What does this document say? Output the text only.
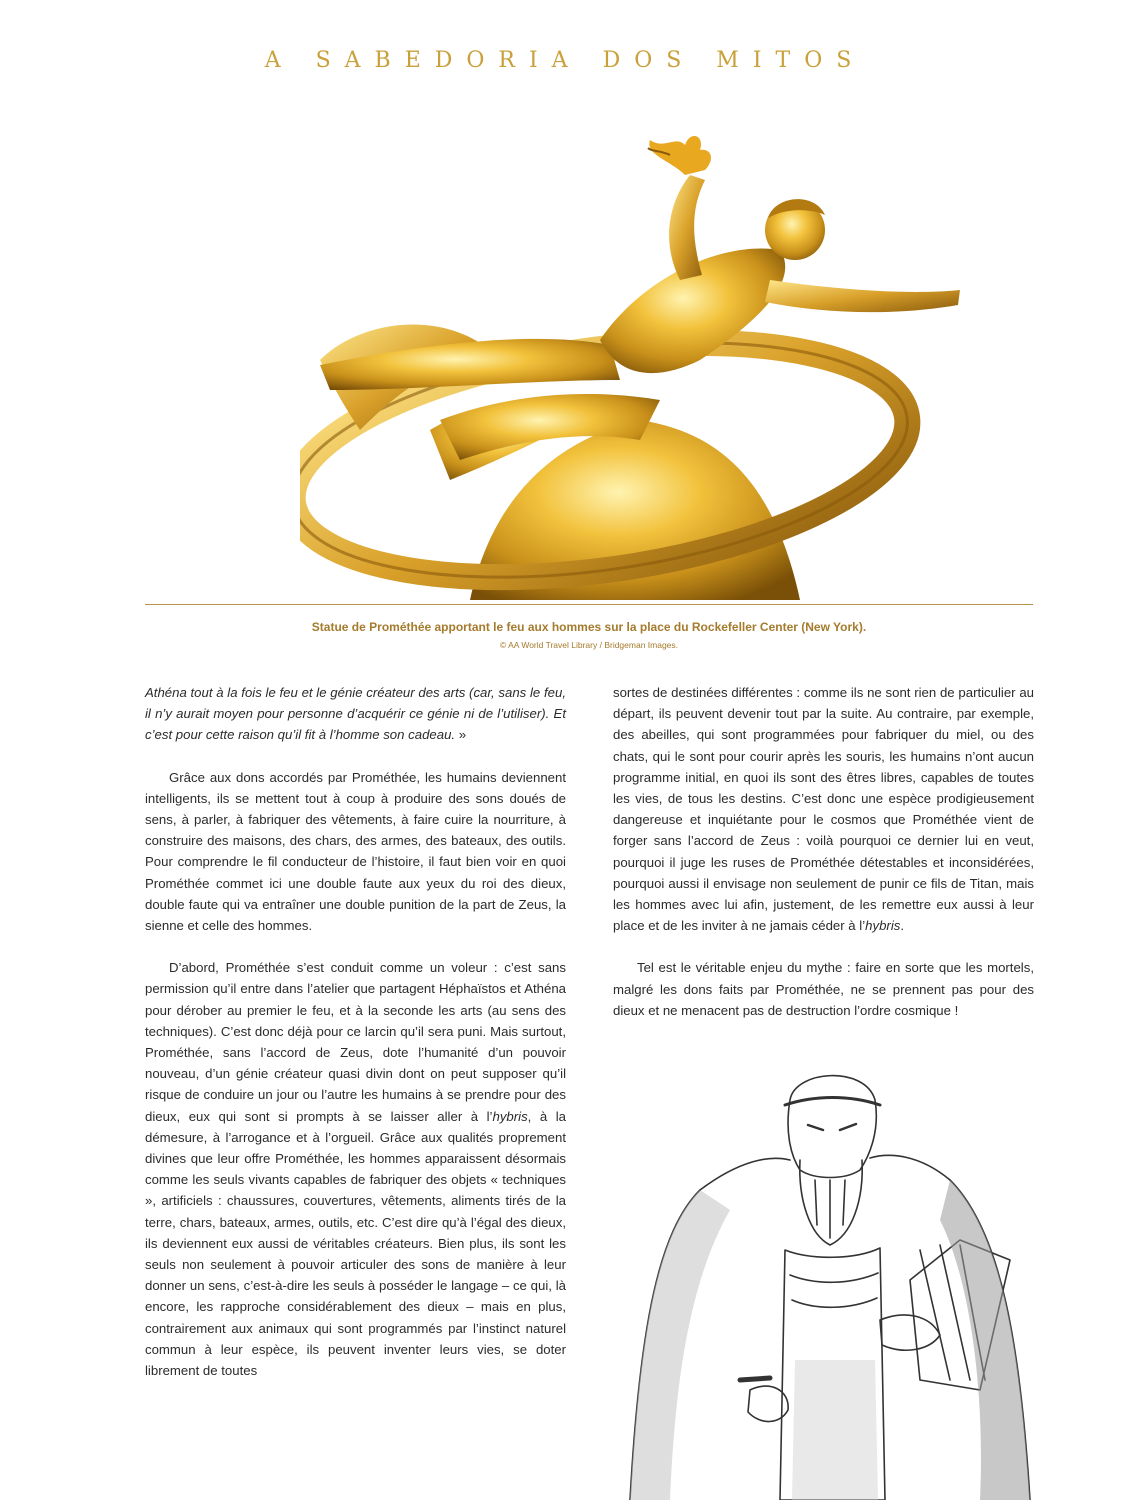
A SABEDORIA DOS MITOS
Statue de Prométhée apportant le feu aux hommes sur la place du Rockefeller Center (New York).
© AA World Travel Library / Bridgeman Images.

Athéna tout à la fois le feu et le génie créateur des arts (car, sans le feu, il n’y aurait moyen pour personne d’acquérir ce génie ni de l’utiliser). Et c’est pour cette raison qu’il fit à l’homme son cadeau. »

Grâce aux dons accordés par Prométhée, les humains deviennent intelligents, ils se mettent tout à coup à produire des sons doués de sens, à parler, à fabriquer des vêtements, à faire cuire la nourriture, à construire des maisons, des chars, des armes, des bateaux, des outils. Pour comprendre le fil conducteur de l’histoire, il faut bien voir en quoi Prométhée commet ici une double faute aux yeux du roi des dieux, double faute qui va entraîner une double punition de la part de Zeus, la sienne et celle des hommes.

D’abord, Prométhée s’est conduit comme un voleur : c’est sans permission qu’il entre dans l’atelier que partagent Héphaïstos et Athéna pour dérober au premier le feu, et à la seconde les arts (au sens des techniques). C’est donc déjà pour ce larcin qu’il sera puni. Mais surtout, Prométhée, sans l’accord de Zeus, dote l’humanité d’un pouvoir nouveau, d’un génie créateur quasi divin dont on peut supposer qu’il risque de conduire un jour ou l’autre les humains à se prendre pour des dieux, eux qui sont si prompts à se laisser aller à l’hybris, à la démesure, à l’arrogance et à l’orgueil. Grâce aux qualités proprement divines que leur offre Prométhée, les hommes apparaissent désormais comme les seuls vivants capables de fabriquer des objets « techniques », artificiels : chaussures, couvertures, vêtements, aliments tirés de la terre, chars, bateaux, armes, outils, etc. C’est dire qu’à l’égal des dieux, ils deviennent eux aussi de véritables créateurs. Bien plus, ils sont les seuls non seulement à pouvoir articuler des sons de manière à leur donner un sens, c’est-à-dire les seuls à posséder le langage – ce qui, là encore, les rapproche considérablement des dieux – mais en plus, contrairement aux animaux qui sont programmés par l’instinct naturel commun à leur espèce, ils peuvent inventer leurs vies, se doter librement de toutes

sortes de destinées différentes : comme ils ne sont rien de particulier au départ, ils peuvent devenir tout par la suite. Au contraire, par exemple, des abeilles, qui sont programmées pour fabriquer du miel, ou des chats, qui le sont pour courir après les souris, les humains n’ont aucun programme initial, en quoi ils sont des êtres libres, capables de toutes les vies, de tous les destins. C’est donc une espèce prodigieusement dangereuse et inquiétante pour le cosmos que Prométhée vient de forger sans l’accord de Zeus : voilà pourquoi ce dernier lui en veut, pourquoi il juge les ruses de Prométhée détestables et inconsidérées, pourquoi aussi il envisage non seulement de punir ce fils de Titan, mais les hommes avec lui afin, justement, de les remettre eux aussi à leur place et de les inviter à ne jamais céder à l’hybris.

Tel est le véritable enjeu du mythe : faire en sorte que les mortels, malgré les dons faits par Prométhée, ne se prennent pas pour des dieux et ne menacent pas de destruction l’ordre cosmique !
